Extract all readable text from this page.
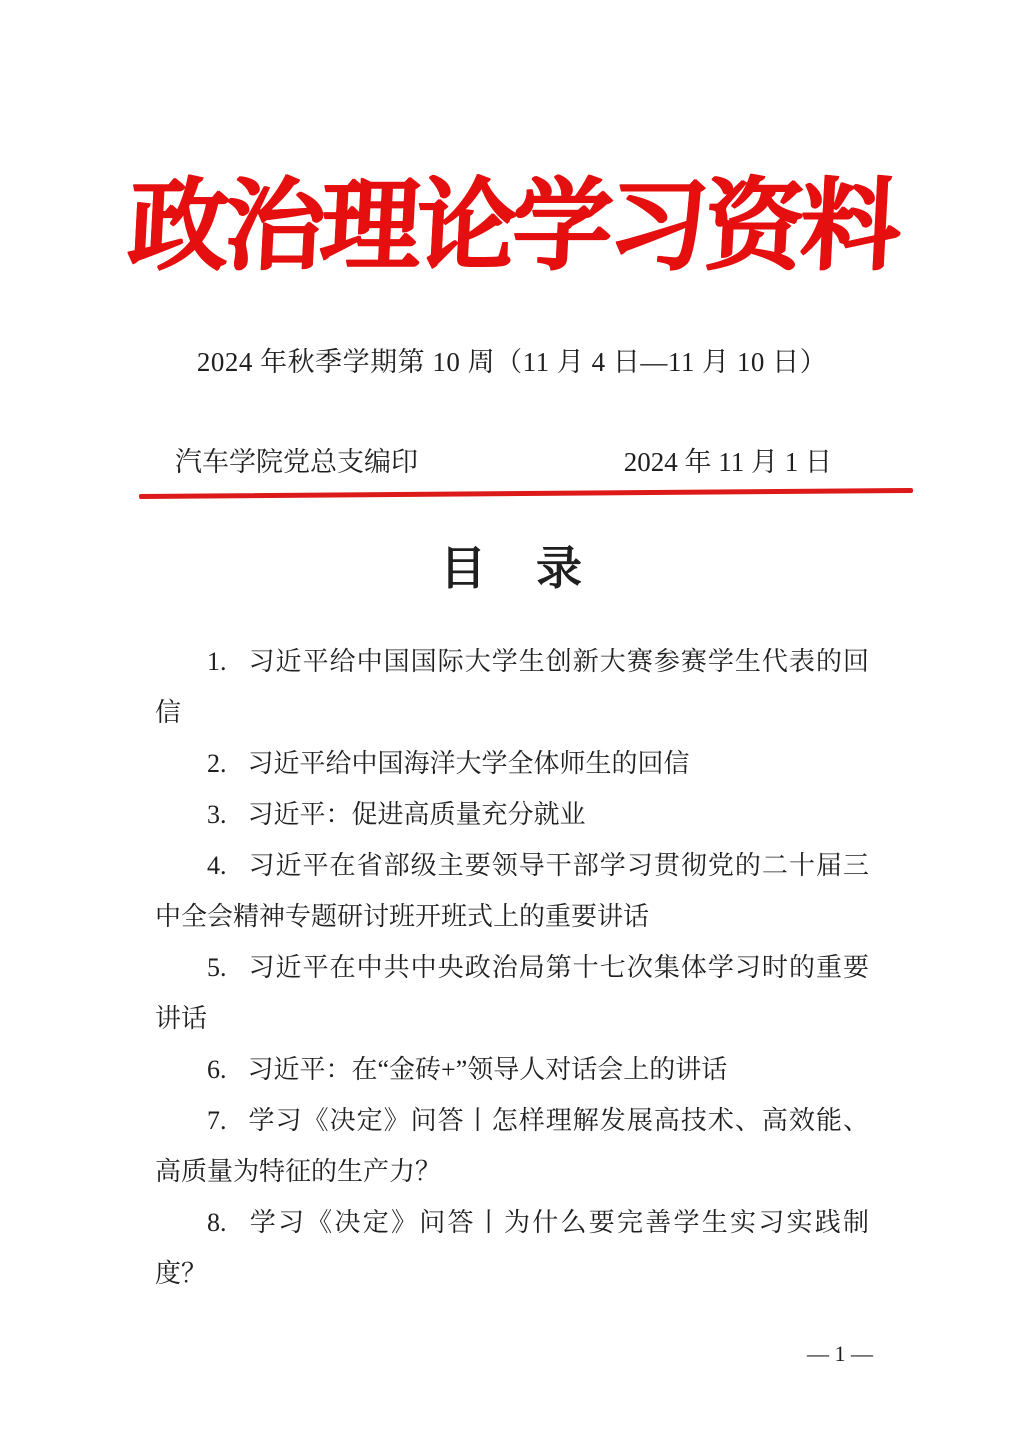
政治理论学习资料
2024 年秋季学期第 10 周（11 月 4 日—11 月 10 日）
汽车学院党总支编印	2024 年 11 月 1 日
目　录

1. 习近平给中国国际大学生创新大赛参赛学生代表的回信

2. 习近平给中国海洋大学全体师生的回信

3. 习近平：促进高质量充分就业

4. 习近平在省部级主要领导干部学习贯彻党的二十届三中全会精神专题研讨班开班式上的重要讲话

5. 习近平在中共中央政治局第十七次集体学习时的重要讲话

6. 习近平：在“金砖+”领导人对话会上的讲话

7. 学习《决定》问答丨怎样理解发展高技术、高效能、高质量为特征的生产力？

8. 学习《决定》问答丨为什么要完善学生实习实践制度？

— 1 —
